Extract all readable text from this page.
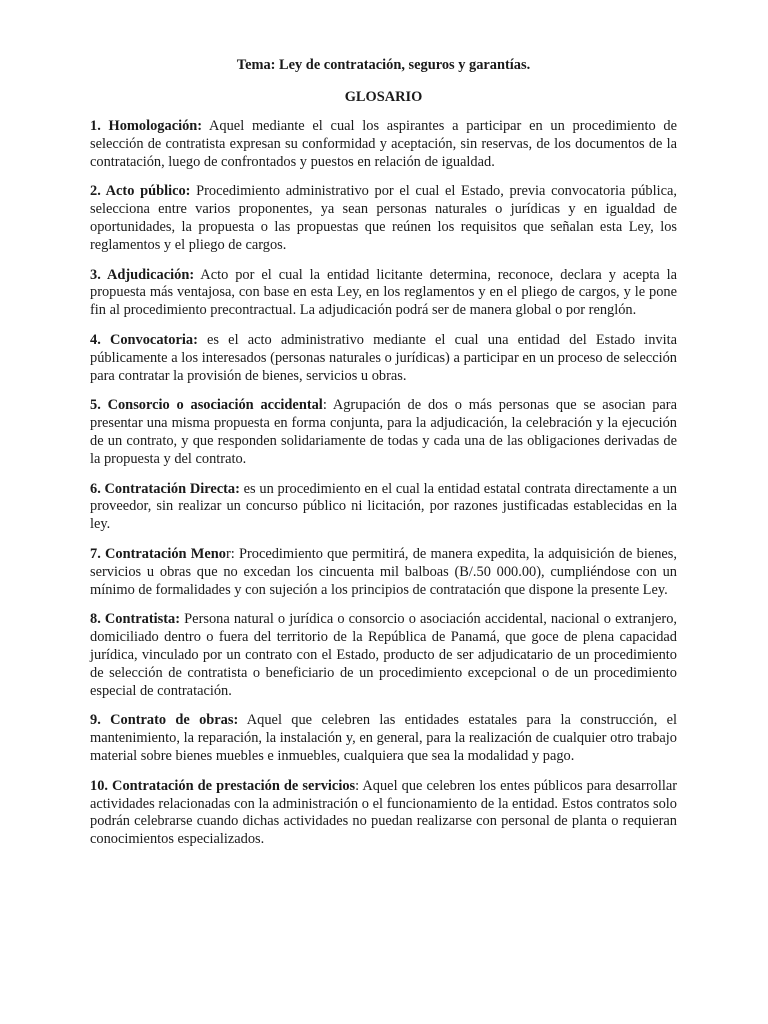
Tema: Ley de contratación, seguros y garantías.

GLOSARIO

1. Homologación: Aquel mediante el cual los aspirantes a participar en un procedimiento de selección de contratista expresan su conformidad y aceptación, sin reservas, de los documentos de la contratación, luego de confrontados y puestos en relación de igualdad.

2. Acto público: Procedimiento administrativo por el cual el Estado, previa convocatoria pública, selecciona entre varios proponentes, ya sean personas naturales o jurídicas y en igualdad de oportunidades, la propuesta o las propuestas que reúnen los requisitos que señalan esta Ley, los reglamentos y el pliego de cargos.

3. Adjudicación: Acto por el cual la entidad licitante determina, reconoce, declara y acepta la propuesta más ventajosa, con base en esta Ley, en los reglamentos y en el pliego de cargos, y le pone fin al procedimiento precontractual. La adjudicación podrá ser de manera global o por renglón.

4. Convocatoria: es el acto administrativo mediante el cual una entidad del Estado invita públicamente a los interesados (personas naturales o jurídicas) a participar en un proceso de selección para contratar la provisión de bienes, servicios u obras.

5. Consorcio o asociación accidental: Agrupación de dos o más personas que se asocian para presentar una misma propuesta en forma conjunta, para la adjudicación, la celebración y la ejecución de un contrato, y que responden solidariamente de todas y cada una de las obligaciones derivadas de la propuesta y del contrato.

6. Contratación Directa: es un procedimiento en el cual la entidad estatal contrata directamente a un proveedor, sin realizar un concurso público ni licitación, por razones justificadas establecidas en la ley.

7. Contratación Menor: Procedimiento que permitirá, de manera expedita, la adquisición de bienes, servicios u obras que no excedan los cincuenta mil balboas (B/.50 000.00), cumpliéndose con un mínimo de formalidades y con sujeción a los principios de contratación que dispone la presente Ley.

8. Contratista: Persona natural o jurídica o consorcio o asociación accidental, nacional o extranjero, domiciliado dentro o fuera del territorio de la República de Panamá, que goce de plena capacidad jurídica, vinculado por un contrato con el Estado, producto de ser adjudicatario de un procedimiento de selección de contratista o beneficiario de un procedimiento excepcional o de un procedimiento especial de contratación.

9. Contrato de obras: Aquel que celebren las entidades estatales para la construcción, el mantenimiento, la reparación, la instalación y, en general, para la realización de cualquier otro trabajo material sobre bienes muebles e inmuebles, cualquiera que sea la modalidad y pago.

10. Contratación de prestación de servicios: Aquel que celebren los entes públicos para desarrollar actividades relacionadas con la administración o el funcionamiento de la entidad. Estos contratos solo podrán celebrarse cuando dichas actividades no puedan realizarse con personal de planta o requieran conocimientos especializados.
